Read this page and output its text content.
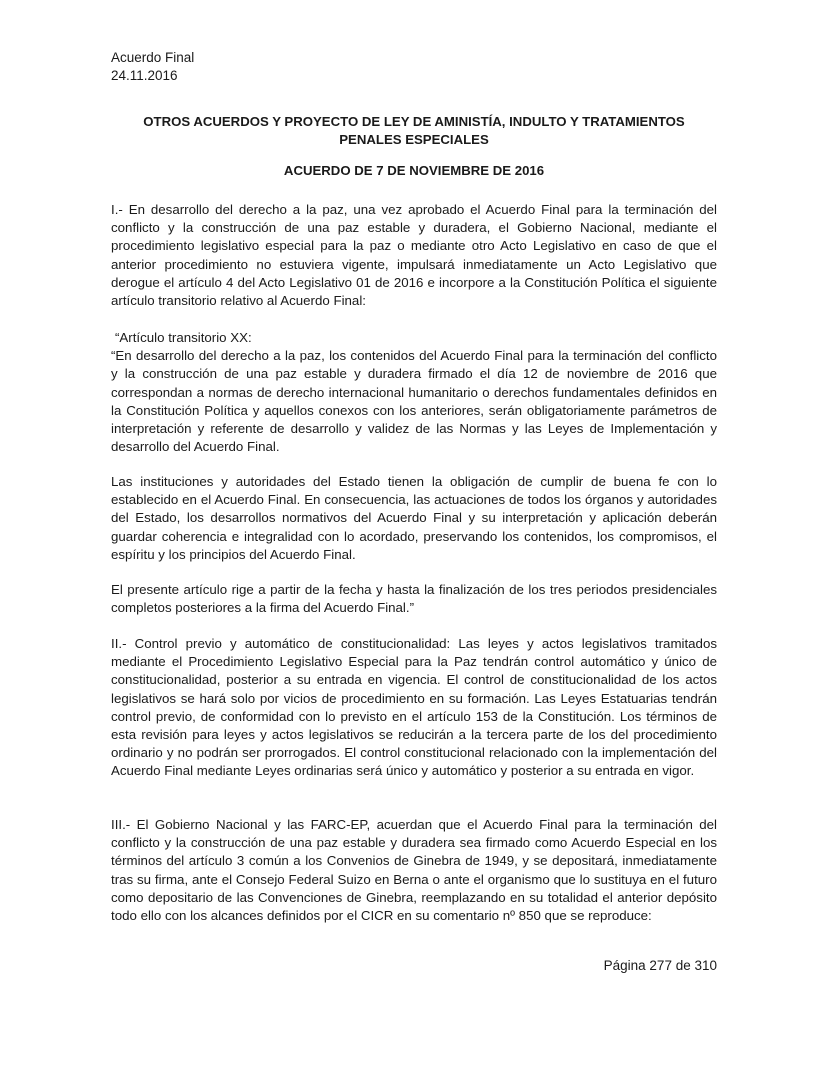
Acuerdo Final
24.11.2016
OTROS ACUERDOS Y PROYECTO DE LEY DE AMINISTÍA, INDULTO Y TRATAMIENTOS PENALES ESPECIALES
ACUERDO DE 7 DE NOVIEMBRE DE 2016

I.- En desarrollo del derecho a la paz, una vez aprobado el Acuerdo Final para la terminación del conflicto y la construcción de una paz estable y duradera, el Gobierno Nacional, mediante el procedimiento legislativo especial para la paz o mediante otro Acto Legislativo en caso de que el anterior procedimiento no estuviera vigente, impulsará inmediatamente un Acto Legislativo que derogue el artículo 4 del Acto Legislativo 01 de 2016 e incorpore a la Constitución Política el siguiente artículo transitorio relativo al Acuerdo Final:

“Artículo transitorio XX:
“En desarrollo del derecho a la paz, los contenidos del Acuerdo Final para la terminación del conflicto y la construcción de una paz estable y duradera firmado el día 12 de noviembre de 2016 que correspondan a normas de derecho internacional humanitario o derechos fundamentales definidos en la Constitución Política y aquellos conexos con los anteriores, serán obligatoriamente parámetros de interpretación y referente de desarrollo y validez de las Normas y las Leyes de Implementación y desarrollo del Acuerdo Final.

Las instituciones y autoridades del Estado tienen la obligación de cumplir de buena fe con lo establecido en el Acuerdo Final. En consecuencia, las actuaciones de todos los órganos y autoridades del Estado, los desarrollos normativos del Acuerdo Final y su interpretación y aplicación deberán guardar coherencia e integralidad con lo acordado, preservando los contenidos, los compromisos, el espíritu y los principios del Acuerdo Final.

El presente artículo rige a partir de la fecha y hasta la finalización de los tres periodos presidenciales completos posteriores a la firma del Acuerdo Final.”

II.- Control previo y automático de constitucionalidad: Las leyes y actos legislativos tramitados mediante el Procedimiento Legislativo Especial para la Paz tendrán control automático y único de constitucionalidad, posterior a su entrada en vigencia. El control de constitucionalidad de los actos legislativos se hará solo por vicios de procedimiento en su formación. Las Leyes Estatuarias tendrán control previo, de conformidad con lo previsto en el artículo 153 de la Constitución. Los términos de esta revisión para leyes y actos legislativos se reducirán a la tercera parte de los del procedimiento ordinario y no podrán ser prorrogados. El control constitucional relacionado con la implementación del Acuerdo Final mediante Leyes ordinarias será único y automático y posterior a su entrada en vigor.

III.- El Gobierno Nacional y las FARC-EP, acuerdan que el Acuerdo Final para la terminación del conflicto y la construcción de una paz estable y duradera sea firmado como Acuerdo Especial en los términos del artículo 3 común a los Convenios de Ginebra de 1949, y se depositará, inmediatamente tras su firma, ante el Consejo Federal Suizo en Berna o ante el organismo que lo sustituya en el futuro como depositario de las Convenciones de Ginebra, reemplazando en su totalidad el anterior depósito todo ello con los alcances definidos por el CICR en su comentario nº 850 que se reproduce:

Página 277 de 310
